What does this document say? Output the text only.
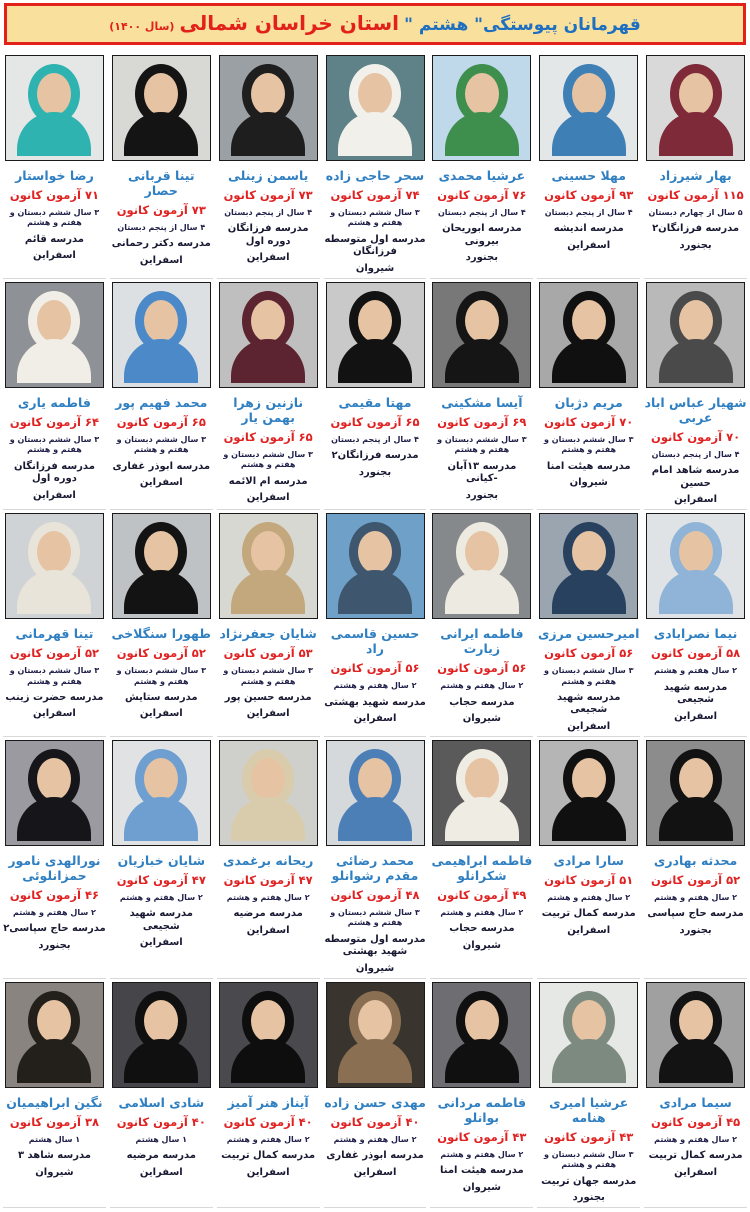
قهرمانان پیوستگی" هشتم " استان خراسان شمالی (سال ۱۴۰۰)
بهار شیرزاد
۱۱۵ آزمون کانون
۵ سال از چهارم دبستان
مدرسه فرزانگان۲
بجنورد
مهلا حسینی
۹۳ آزمون کانون
۴ سال از پنجم دبستان
مدرسه اندیشه
اسفراین
عرشیا محمدی
۷۶ آزمون کانون
۴ سال از پنجم دبستان
مدرسه ابوریحان بیرونی
بجنورد
سحر حاجی زاده
۷۴ آزمون کانون
۳ سال ششم دبستان و هفتم و هشتم
مدرسه اول متوسطه فرزانگان
شیروان
یاسمن زینلی
۷۳ آزمون کانون
۴ سال از پنجم دبستان
مدرسه فرزانگان دوره اول
اسفراین
تینا قربانی حصار
۷۳ آزمون کانون
۴ سال از پنجم دبستان
مدرسه دکتر رحمانی
اسفراین
رضا خواستار
۷۱ آزمون کانون
۳ سال ششم دبستان و هفتم و هشتم
مدرسه قائم
اسفراین
شهیار عباس اباد عربی
۷۰ آزمون کانون
۴ سال از پنجم دبستان
مدرسه شاهد امام حسین
اسفراین
مریم دژبان
۷۰ آزمون کانون
۳ سال ششم دبستان و هفتم و هشتم
مدرسه هیئت امنا
شیروان
آیسا مشکینی
۶۹ آزمون کانون
۳ سال ششم دبستان و هفتم و هشتم
مدرسه ۱۳آبان -کیانی
بجنورد
مهتا مقیمی
۶۵ آزمون کانون
۴ سال از پنجم دبستان
مدرسه فرزانگان۲
بجنورد
نازنین زهرا بهمن یار
۶۵ آزمون کانون
۳ سال ششم دبستان و هفتم و هشتم
مدرسه ام الائمه
اسفراین
محمد فهیم پور
۶۵ آزمون کانون
۳ سال ششم دبستان و هفتم و هشتم
مدرسه ابوذر غفاری
اسفراین
فاطمه یاری
۶۴ آزمون کانون
۳ سال ششم دبستان و هفتم و هشتم
مدرسه فرزانگان دوره اول
اسفراین
نیما نصرابادی
۵۸ آزمون کانون
۲ سال هفتم و هشتم
مدرسه شهید شجیعی
اسفراین
امیرحسین مرزی
۵۶ آزمون کانون
۳ سال ششم دبستان و هفتم و هشتم
مدرسه شهید شجیعی
اسفراین
فاطمه ایرانی زیارت
۵۶ آزمون کانون
۲ سال هفتم و هشتم
مدرسه حجاب
شیروان
حسین قاسمی راد
۵۶ آزمون کانون
۲ سال هفتم و هشتم
مدرسه شهید بهشتی
اسفراین
شایان جعفرنژاد
۵۳ آزمون کانون
۳ سال ششم دبستان و هفتم و هشتم
مدرسه حسین پور
اسفراین
طهورا سنگلاخی
۵۲ آزمون کانون
۳ سال ششم دبستان و هفتم و هشتم
مدرسه ستایش
اسفراین
تینا قهرمانی
۵۲ آزمون کانون
۳ سال ششم دبستان و هفتم و هشتم
مدرسه حضرت زینب
اسفراین
محدثه بهادری
۵۲ آزمون کانون
۲ سال هفتم و هشتم
مدرسه حاج سپاسی
بجنورد
سارا مرادی
۵۱ آزمون کانون
۲ سال هفتم و هشتم
مدرسه کمال تربیت
اسفراین
فاطمه ابراهیمی شکرانلو
۴۹ آزمون کانون
۲ سال هفتم و هشتم
مدرسه حجاب
شیروان
محمد رضائی مقدم رشوانلو
۴۸ آزمون کانون
۳ سال ششم دبستان و هفتم و هشتم
مدرسه اول متوسطه شهید بهشتی
شیروان
ریحانه برغمدی
۴۷ آزمون کانون
۲ سال هفتم و هشتم
مدرسه مرضیه
اسفراین
شایان خبازیان
۴۷ آزمون کانون
۲ سال هفتم و هشتم
مدرسه شهید شجیعی
اسفراین
نورالهدی نامور حمزانلوئی
۴۶ آزمون کانون
۲ سال هفتم و هشتم
مدرسه حاج سپاسی۲
بجنورد
سیما مرادی
۴۵ آزمون کانون
۲ سال هفتم و هشتم
مدرسه کمال تربیت
اسفراین
عرشیا امیری هنامه
۴۳ آزمون کانون
۳ سال ششم دبستان و هفتم و هشتم
مدرسه جهان تربیت
بجنورد
فاطمه مردانی بوانلو
۴۳ آزمون کانون
۲ سال هفتم و هشتم
مدرسه هیئت امنا
شیروان
مهدی حسن زاده
۴۰ آزمون کانون
۲ سال هفتم و هشتم
مدرسه ابوذر غفاری
اسفراین
آیناز هنر آمیز
۴۰ آزمون کانون
۲ سال هفتم و هشتم
مدرسه کمال تربیت
اسفراین
شادی اسلامی
۴۰ آزمون کانون
۱ سال هشتم
مدرسه مرضیه
اسفراین
نگین ابراهیمیان
۳۸ آزمون کانون
۱ سال هشتم
مدرسه شاهد ۳
شیروان
